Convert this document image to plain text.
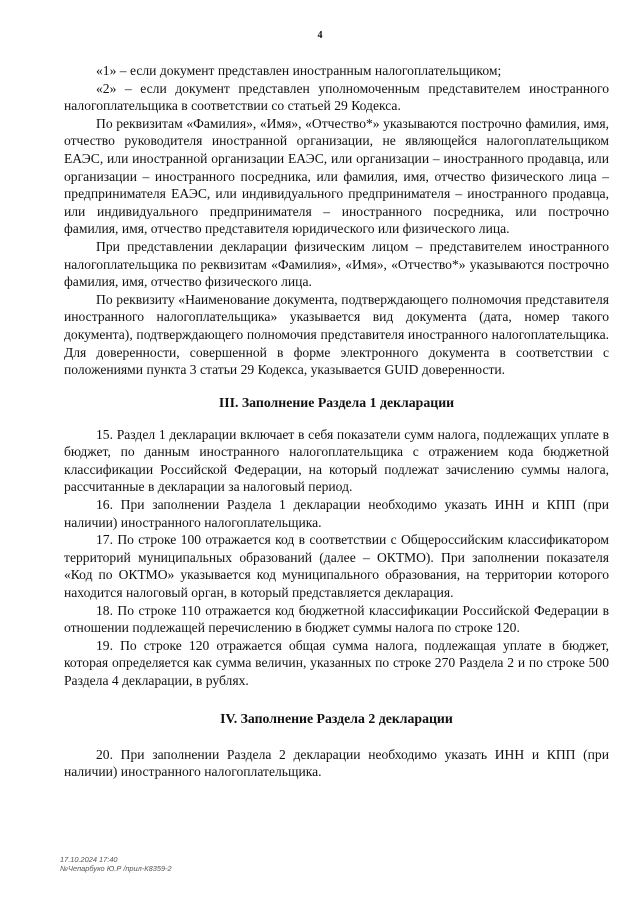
4

«1» – если документ представлен иностранным налогоплательщиком;

«2» – если документ представлен уполномоченным представителем иностранного налогоплательщика в соответствии со статьей 29 Кодекса.

По реквизитам «Фамилия», «Имя», «Отчество*» указываются построчно фамилия, имя, отчество руководителя иностранной организации, не являющейся налогоплательщиком ЕАЭС, или иностранной организации ЕАЭС, или организации – иностранного продавца, или организации – иностранного посредника, или фамилия, имя, отчество физического лица – предпринимателя ЕАЭС, или индивидуального предпринимателя – иностранного продавца, или индивидуального предпринимателя – иностранного посредника, или построчно фамилия, имя, отчество представителя юридического или физического лица.

При представлении декларации физическим лицом – представителем иностранного налогоплательщика по реквизитам «Фамилия», «Имя», «Отчество*» указываются построчно фамилия, имя, отчество физического лица.

По реквизиту «Наименование документа, подтверждающего полномочия представителя иностранного налогоплательщика» указывается вид документа (дата, номер такого документа), подтверждающего полномочия представителя иностранного налогоплательщика. Для доверенности, совершенной в форме электронного документа в соответствии с положениями пункта 3 статьи 29 Кодекса, указывается GUID доверенности.

III. Заполнение Раздела 1 декларации

15. Раздел 1 декларации включает в себя показатели сумм налога, подлежащих уплате в бюджет, по данным иностранного налогоплательщика с отражением кода бюджетной классификации Российской Федерации, на который подлежат зачислению суммы налога, рассчитанные в декларации за налоговый период.

16. При заполнении Раздела 1 декларации необходимо указать ИНН и КПП (при наличии) иностранного налогоплательщика.

17. По строке 100 отражается код в соответствии с Общероссийским классификатором территорий муниципальных образований (далее – ОКТМО). При заполнении показателя «Код по ОКТМО» указывается код муниципального образования, на территории которого находится налоговый орган, в который представляется декларация.

18. По строке 110 отражается код бюджетной классификации Российской Федерации в отношении подлежащей перечислению в бюджет суммы налога по строке 120.

19. По строке 120 отражается общая сумма налога, подлежащая уплате в бюджет, которая определяется как сумма величин, указанных по строке 270 Раздела 2 и по строке 500 Раздела 4 декларации, в рублях.

IV. Заполнение Раздела 2 декларации

20. При заполнении Раздела 2 декларации необходимо указать ИНН и КПП (при наличии) иностранного налогоплательщика.

17.10.2024 17:40
№Чепарбуко Ю.Р /прил-К8359-2
